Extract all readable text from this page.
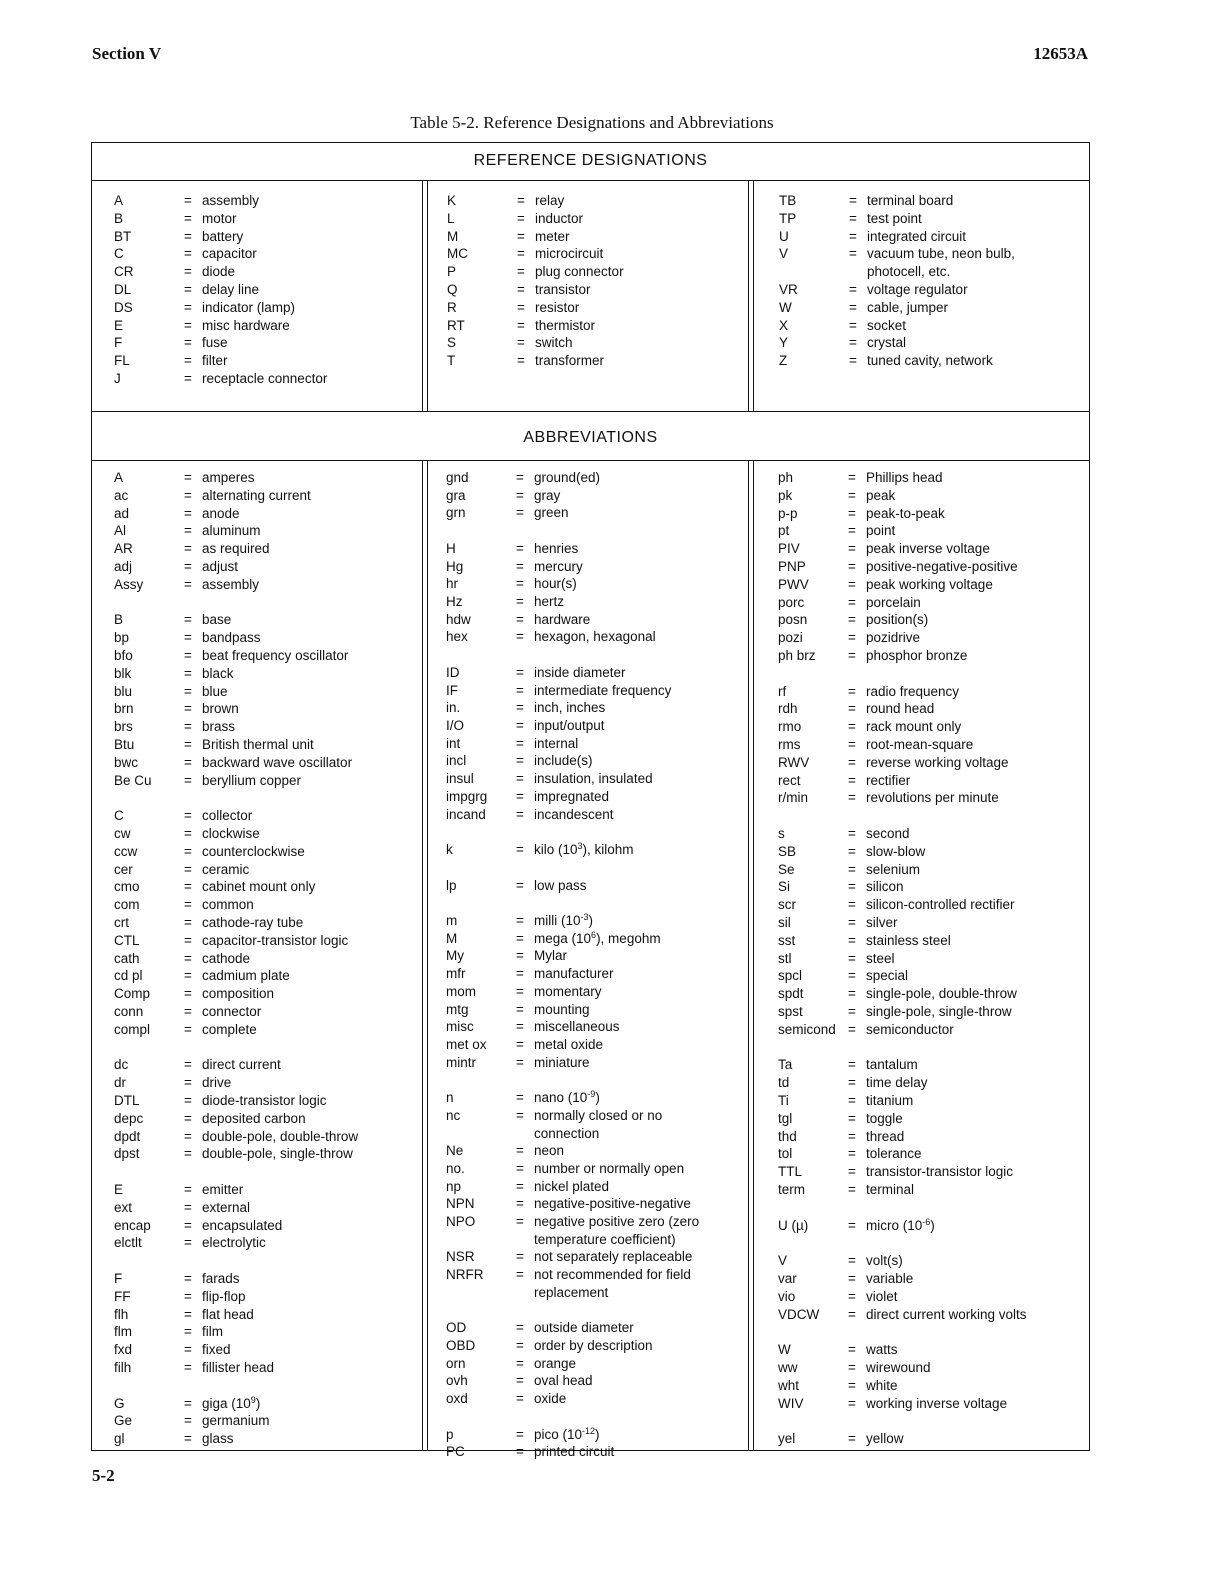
Section V	12653A
Table 5-2. Reference Designations and Abbreviations
REFERENCE DESIGNATIONS
ABBREVIATIONS
A	= assembly
B	= motor
BT	= battery
C	= capacitor
CR	= diode
DL	= delay line
DS	= indicator (lamp)
E	= misc hardware
F	= fuse
FL	= filter
J	= receptacle connector
K	= relay
L	= inductor
M	= meter
MC	= microcircuit
P	= plug connector
Q	= transistor
R	= resistor
RT	= thermistor
S	= switch
T	= transformer
TB	= terminal board
TP	= test point
U	= integrated circuit
V	= vacuum tube, neon bulb,
photocell, etc.
VR	= voltage regulator
W	= cable, jumper
X	= socket
Y	= crystal
Z	= tuned cavity, network
A	= amperes
ac	= alternating current
ad	= anode
Al	= aluminum
AR	= as required
adj	= adjust
Assy	= assembly
B	= base
bp	= bandpass
bfo	= beat frequency oscillator
blk	= black
blu	= blue
brn	= brown
brs	= brass
Btu	= British thermal unit
bwc	= backward wave oscillator
Be Cu = beryllium copper
C	= collector
cw	= clockwise
ccw	= counterclockwise
cer	= ceramic
cmo	= cabinet mount only
com	= common
crt	= cathode-ray tube
CTL	= capacitor-transistor logic
cath	= cathode
cd pl	= cadmium plate
Comp	= composition
conn	= connector
compl	= complete
dc	= direct current
dr	= drive
DTL	= diode-transistor logic
depc	= deposited carbon
dpdt	= double-pole, double-throw
dpst	= double-pole, single-throw
E	= emitter
ext	= external
encap = encapsulated
elctlt	= electrolytic
F	= farads
FF	= flip-flop
flh	= flat head
flm	= film
fxd	= fixed
filh	= fillister head
G	= giga $(10^9)$
Ge	= germanium
gl	= glass
gnd	= ground(ed)
gra	= gray
grn	= green
H	= henries
Hg	= mercury
hr	= hour(s)
Hz	= hertz
hdw	= hardware
hex	= hexagon, hexagonal
ID	= inside diameter
IF	= intermediate frequency
in.	= inch, inches
I/O	= input/output
int	= internal
incl	= include(s)
insul	= insulation, insulated
impgrg = impregnated
incand = incandescent
k	= kilo $(10^3)$, kilohm
lp	= low pass
m	= milli $(10^{-3})$
M	= mega $(10^6)$, megohm
My	= Mylar
mfr	= manufacturer
mom	= momentary
mtg	= mounting
misc	= miscellaneous
met ox = metal oxide
mintr	= miniature
n	= nano $(10^{-9})$
nc	= normally closed or no
connection
Ne	= neon
no.	= number or normally open
np	= nickel plated
NPN	= negative-positive-negative
NPO	= negative positive zero (zero
temperature coefficient)
NSR	= not separately replaceable
NRFR = not recommended for field
replacement
OD	= outside diameter
OBD	= order by description
orn	= orange
ovh	= oval head
oxd	= oxide
p	= pico $(10^{-12})$
PC	= printed circuit
ph	= Phillips head
pk	= peak
p-p	= peak-to-peak
pt	= point
PIV	= peak inverse voltage
PNP	= positive-negative-positive
PWV	= peak working voltage
porc	= porcelain
posn	= position(s)
pozi	= pozidrive
ph brz = phosphor bronze
rf	= radio frequency
rdh	= round head
rmo	= rack mount only
rms	= root-mean-square
RWV	= reverse working voltage
rect	= rectifier
r/min	= revolutions per minute
s	= second
SB	= slow-blow
Se	= selenium
Si	= silicon
scr	= silicon-controlled rectifier
sil	= silver
sst	= stainless steel
stl	= steel
spcl	= special
spdt	= single-pole, double-throw
spst	= single-pole, single-throw
semicond = semiconductor
Ta	= tantalum
td	= time delay
Ti	= titanium
tgl	= toggle
thd	= thread
tol	= tolerance
TTL	= transistor-transistor logic
term	= terminal
U (µ)	= micro $(10^{-6})$
V	= volt(s)
var	= variable
vio	= violet
VDCW = direct current working volts
W	= watts
ww	= wirewound
wht	= white
WIV	= working inverse voltage
yel	= yellow
5-2
